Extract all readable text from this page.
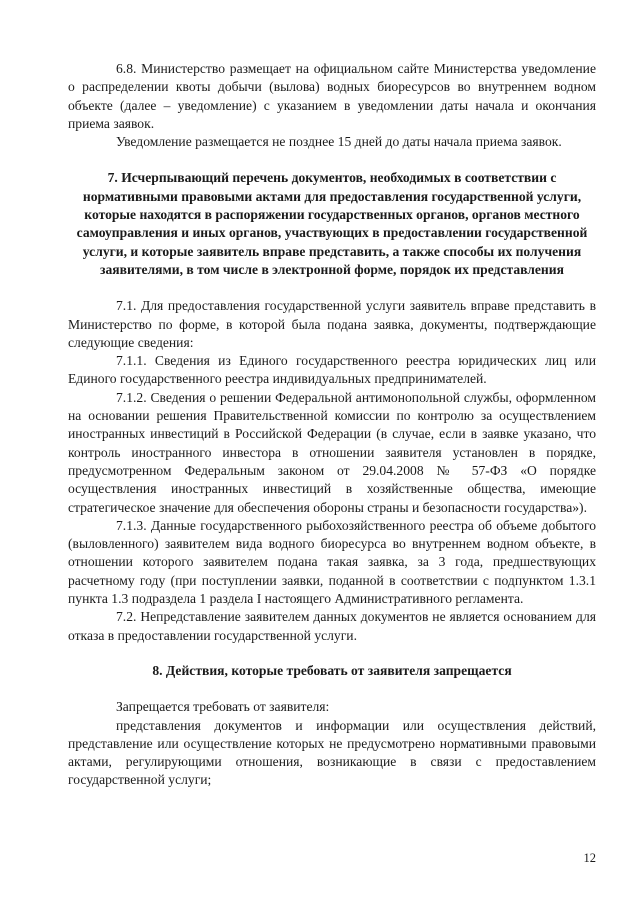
6.8. Министерство размещает на официальном сайте Министерства уведомление о распределении квоты добычи (вылова) водных биоресурсов во внутреннем водном объекте (далее – уведомление) с указанием в уведомлении даты начала и окончания приема заявок.

Уведомление размещается не позднее 15 дней до даты начала приема заявок.

7. Исчерпывающий перечень документов, необходимых в соответствии с нормативными правовыми актами для предоставления государственной услуги, которые находятся в распоряжении государственных органов, органов местного самоуправления и иных органов, участвующих в предоставлении государственной услуги, и которые заявитель вправе представить, а также способы их получения заявителями, в том числе в электронной форме, порядок их представления

7.1. Для предоставления государственной услуги заявитель вправе представить в Министерство по форме, в которой была подана заявка, документы, подтверждающие следующие сведения:

7.1.1. Сведения из Единого государственного реестра юридических лиц или Единого государственного реестра индивидуальных предпринимателей.

7.1.2. Сведения о решении Федеральной антимонопольной службы, оформленном на основании решения Правительственной комиссии по контролю за осуществлением иностранных инвестиций в Российской Федерации (в случае, если в заявке указано, что контроль иностранного инвестора в отношении заявителя установлен в порядке, предусмотренном Федеральным законом от 29.04.2008 № 57-ФЗ «О порядке осуществления иностранных инвестиций в хозяйственные общества, имеющие стратегическое значение для обеспечения обороны страны и безопасности государства»).

7.1.3. Данные государственного рыбохозяйственного реестра об объеме добытого (выловленного) заявителем вида водного биоресурса во внутреннем водном объекте, в отношении которого заявителем подана такая заявка, за 3 года, предшествующих расчетному году (при поступлении заявки, поданной в соответствии с подпунктом 1.3.1 пункта 1.3 подраздела 1 раздела I настоящего Административного регламента.

7.2. Непредставление заявителем данных документов не является основанием для отказа в предоставлении государственной услуги.

8. Действия, которые требовать от заявителя запрещается

Запрещается требовать от заявителя:

представления документов и информации или осуществления действий, представление или осуществление которых не предусмотрено нормативными правовыми актами, регулирующими отношения, возникающие в связи с предоставлением государственной услуги;

12
